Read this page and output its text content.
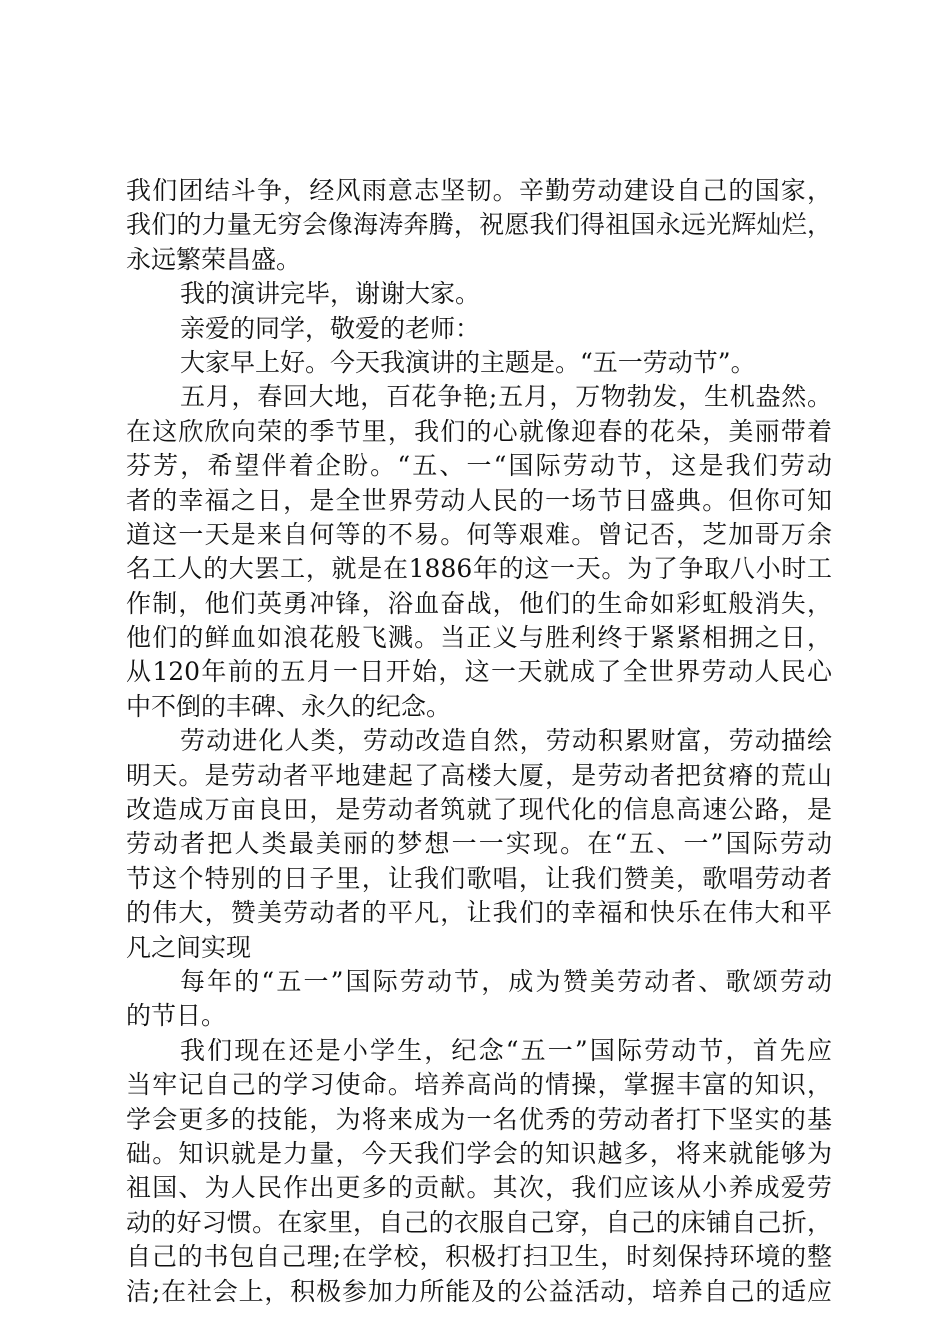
我们团结斗争，经风雨意志坚韧。辛勤劳动建设自己的国家，
我们的力量无穷会像海涛奔腾，祝愿我们得祖国永远光辉灿烂，
永远繁荣昌盛。
我的演讲完毕，谢谢大家。
亲爱的同学，敬爱的老师：
大家早上好。今天我演讲的主题是。“五一劳动节”。
五月，春回大地，百花争艳;五月，万物勃发，生机盎然。
在这欣欣向荣的季节里，我们的心就像迎春的花朵，美丽带着
芬芳，希望伴着企盼。“五、一“国际劳动节，这是我们劳动
者的幸福之日，是全世界劳动人民的一场节日盛典。但你可知
道这一天是来自何等的不易。何等艰难。曾记否，芝加哥万余
名工人的大罢工，就是在1886年的这一天。为了争取八小时工
作制，他们英勇冲锋，浴血奋战，他们的生命如彩虹般消失，
他们的鲜血如浪花般飞溅。当正义与胜利终于紧紧相拥之日，
从120年前的五月一日开始，这一天就成了全世界劳动人民心
中不倒的丰碑、永久的纪念。
劳动进化人类，劳动改造自然，劳动积累财富，劳动描绘
明天。是劳动者平地建起了高楼大厦，是劳动者把贫瘠的荒山
改造成万亩良田，是劳动者筑就了现代化的信息高速公路，是
劳动者把人类最美丽的梦想一一实现。在“五、一”国际劳动
节这个特别的日子里，让我们歌唱，让我们赞美，歌唱劳动者
的伟大，赞美劳动者的平凡，让我们的幸福和快乐在伟大和平
凡之间实现
每年的“五一”国际劳动节，成为赞美劳动者、歌颂劳动
的节日。
我们现在还是小学生，纪念“五一”国际劳动节，首先应
当牢记自己的学习使命。培养高尚的情操，掌握丰富的知识，
学会更多的技能，为将来成为一名优秀的劳动者打下坚实的基
础。知识就是力量，今天我们学会的知识越多，将来就能够为
祖国、为人民作出更多的贡献。其次，我们应该从小养成爱劳
动的好习惯。在家里，自己的衣服自己穿，自己的床铺自己折，
自己的书包自己理;在学校，积极打扫卫生，时刻保持环境的整
洁;在社会上，积极参加力所能及的公益活动，培养自己的适应
